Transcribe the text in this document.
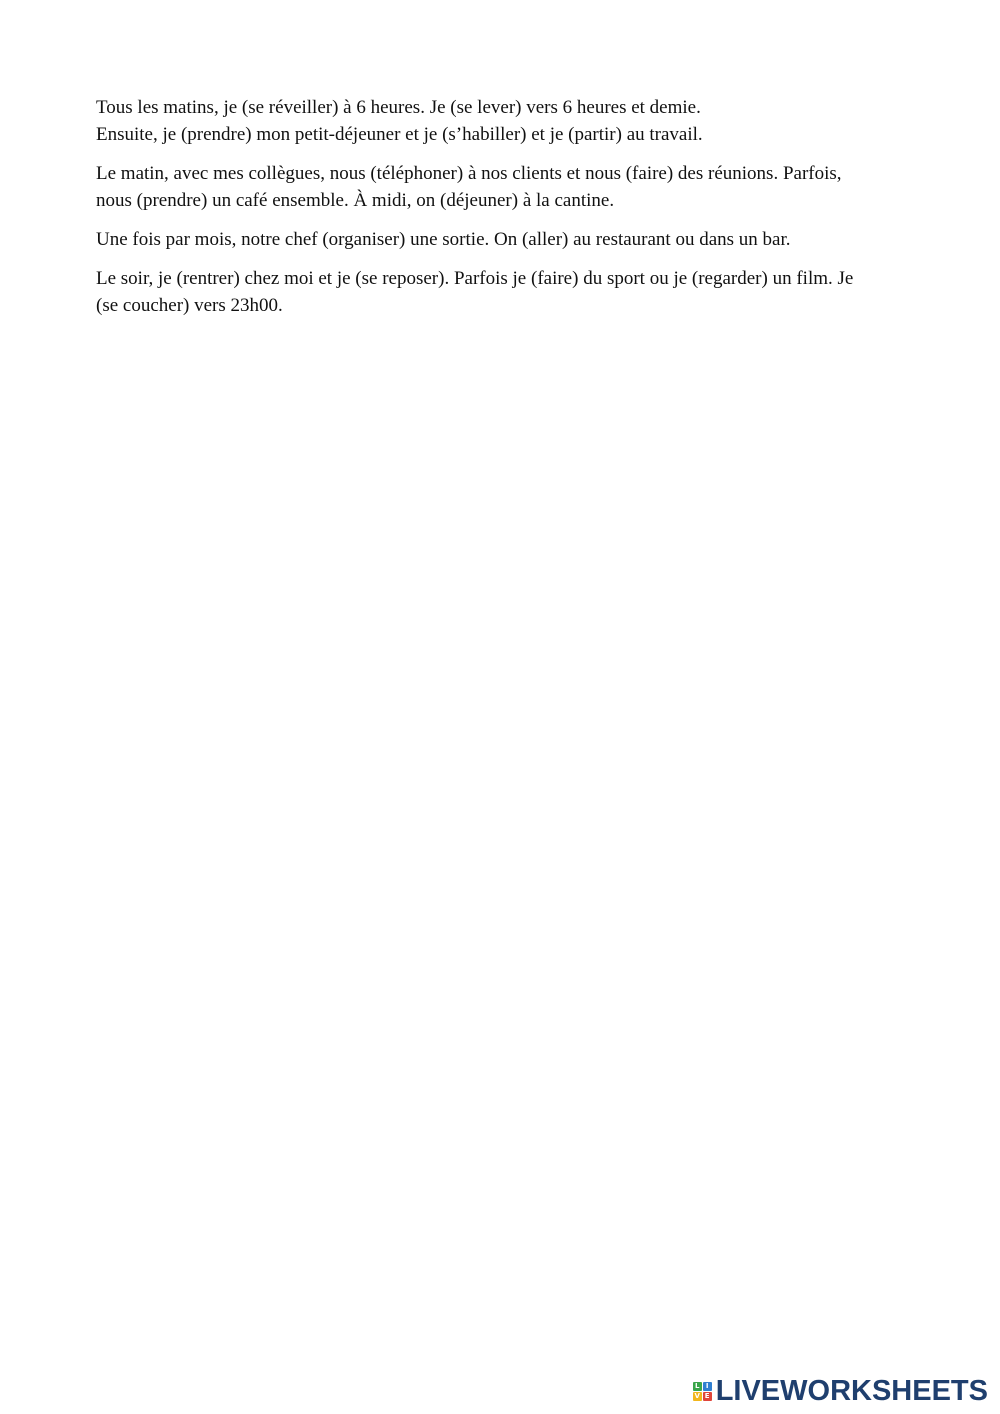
Tous les matins, je (se réveiller) à 6 heures. Je (se lever) vers 6 heures et demie.
Ensuite, je (prendre) mon petit-déjeuner et je (s’habiller) et je (partir) au travail.

Le matin, avec mes collègues, nous (téléphoner) à nos clients et nous (faire) des réunions. Parfois,
nous (prendre) un café ensemble. À midi, on (déjeuner) à la cantine.

Une fois par mois, notre chef (organiser) une sortie. On (aller) au restaurant ou dans un bar.

Le soir, je (rentrer) chez moi et je (se reposer). Parfois je (faire) du sport ou je (regarder) un film. Je
(se coucher) vers 23h00.

L I
V E LIVEWORKSHEETS
